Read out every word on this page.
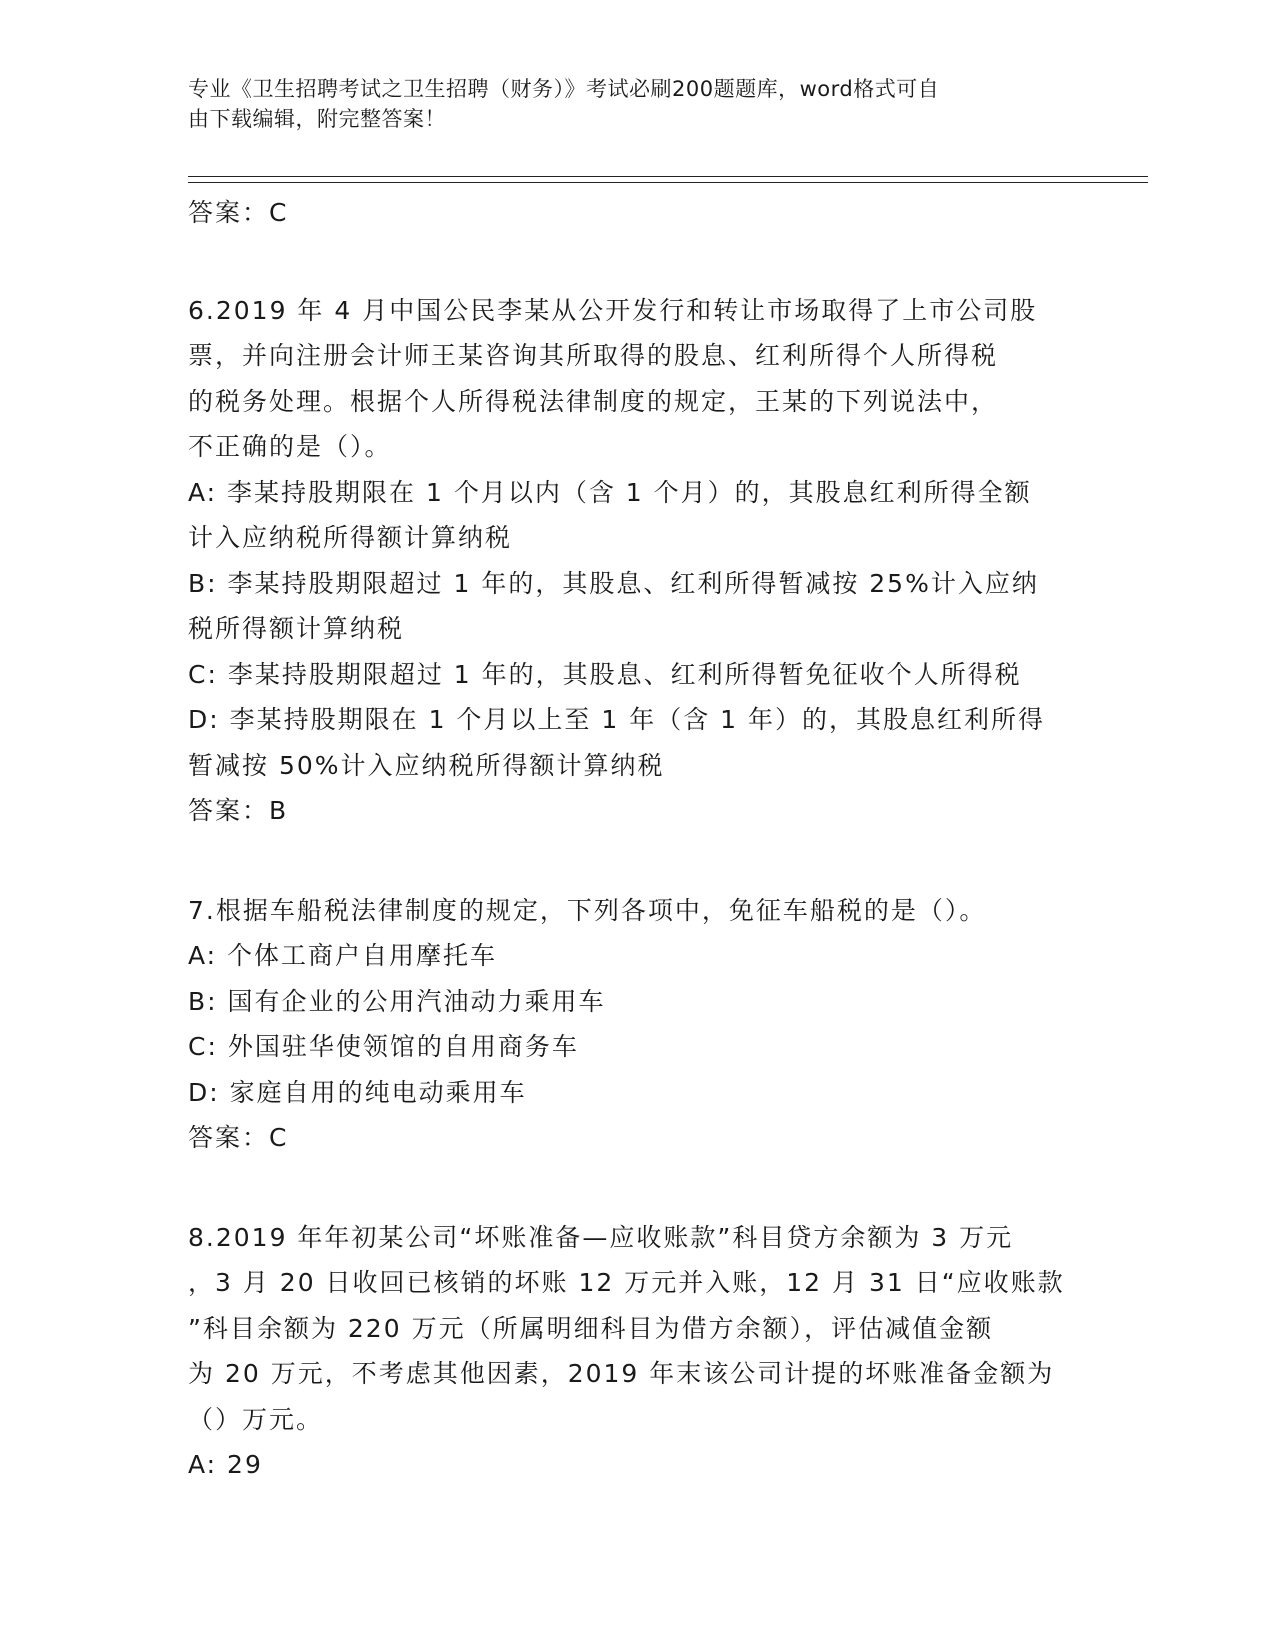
专业《卫生招聘考试之卫生招聘（财务）》考试必刷200题题库，word格式可自
由下载编辑，附完整答案！
答案：C
6.2019 年 4 月中国公民李某从公开发行和转让市场取得了上市公司股
票，并向注册会计师王某咨询其所取得的股息、红利所得个人所得税
的税务处理。根据个人所得税法律制度的规定，王某的下列说法中，
不正确的是（）。
A: 李某持股期限在 1 个月以内（含 1 个月）的，其股息红利所得全额
计入应纳税所得额计算纳税
B: 李某持股期限超过 1 年的，其股息、红利所得暂减按 25%计入应纳
税所得额计算纳税
C: 李某持股期限超过 1 年的，其股息、红利所得暂免征收个人所得税
D: 李某持股期限在 1 个月以上至 1 年（含 1 年）的，其股息红利所得
暂减按 50%计入应纳税所得额计算纳税
答案：B
7.根据车船税法律制度的规定，下列各项中，免征车船税的是（）。
A: 个体工商户自用摩托车
B: 国有企业的公用汽油动力乘用车
C: 外国驻华使领馆的自用商务车
D: 家庭自用的纯电动乘用车
答案：C
8.2019 年年初某公司“坏账准备—应收账款”科目贷方余额为 3 万元
，3 月 20 日收回已核销的坏账 12 万元并入账，12 月 31 日“应收账款
”科目余额为 220 万元（所属明细科目为借方余额），评估减值金额
为 20 万元，不考虑其他因素，2019 年末该公司计提的坏账准备金额为
（）万元。
A: 29
